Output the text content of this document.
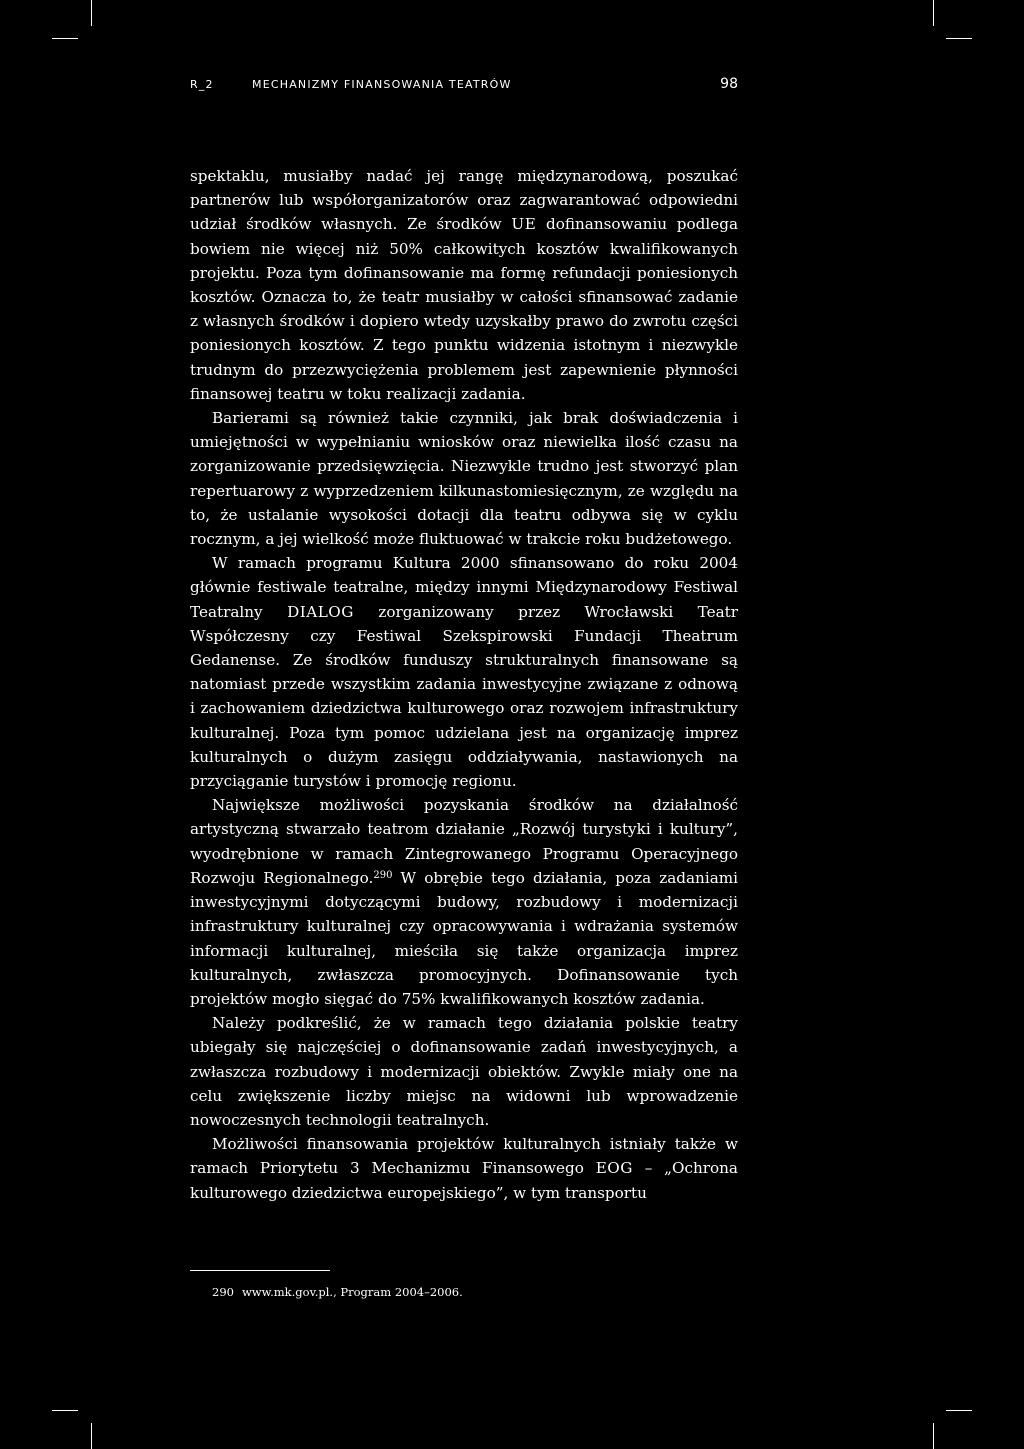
R_2	MECHANIZMY FINANSOWANIA TEATRÓW	98

spektaklu, musiałby nadać jej rangę międzynarodową, poszukać partnerów lub współorganizatorów oraz zagwarantować odpowiedni udział środków własnych. Ze środków UE dofinansowaniu podlega bowiem nie więcej niż 50% całkowitych kosztów kwalifikowanych projektu. Poza tym dofinansowanie ma formę refundacji poniesionych kosztów. Oznacza to, że teatr musiałby w całości sfinansować zadanie z własnych środków i dopiero wtedy uzyskałby prawo do zwrotu części poniesionych kosztów. Z tego punktu widzenia istotnym i niezwykle trudnym do przezwyciężenia problemem jest zapewnienie płynności finansowej teatru w toku realizacji zadania.

Barierami są również takie czynniki, jak brak doświadczenia i umiejętności w wypełnianiu wniosków oraz niewielka ilość czasu na zorganizowanie przedsięwzięcia. Niezwykle trudno jest stworzyć plan repertuarowy z wyprzedzeniem kilkunastomiesięcznym, ze względu na to, że ustalanie wysokości dotacji dla teatru odbywa się w cyklu rocznym, a jej wielkość może fluktuować w trakcie roku budżetowego.

W ramach programu Kultura 2000 sfinansowano do roku 2004 głównie festiwale teatralne, między innymi Międzynarodowy Festiwal Teatralny DIALOG zorganizowany przez Wrocławski Teatr Współczesny czy Festiwal Szekspirowski Fundacji Theatrum Gedanense. Ze środków funduszy strukturalnych finansowane są natomiast przede wszystkim zadania inwestycyjne związane z odnową i zachowaniem dziedzictwa kulturowego oraz rozwojem infrastruktury kulturalnej. Poza tym pomoc udzielana jest na organizację imprez kulturalnych o dużym zasięgu oddziaływania, nastawionych na przyciąganie turystów i promocję regionu.

Największe możliwości pozyskania środków na działalność artystyczną stwarzało teatrom działanie „Rozwój turystyki i kultury”, wyodrębnione w ramach Zintegrowanego Programu Operacyjnego Rozwoju Regionalnego.$^{290}$ W obrębie tego działania, poza zadaniami inwestycyjnymi dotyczącymi budowy, rozbudowy i modernizacji infrastruktury kulturalnej czy opracowywania i wdrażania systemów informacji kulturalnej, mieściła się także organizacja imprez kulturalnych, zwłaszcza promocyjnych. Dofinansowanie tych projektów mogło sięgać do 75% kwalifikowanych kosztów zadania.

Należy podkreślić, że w ramach tego działania polskie teatry ubiegały się najczęściej o dofinansowanie zadań inwestycyjnych, a zwłaszcza rozbudowy i modernizacji obiektów. Zwykle miały one na celu zwiększenie liczby miejsc na widowni lub wprowadzenie nowoczesnych technologii teatralnych.

Możliwości finansowania projektów kulturalnych istniały także w ramach Priorytetu 3 Mechanizmu Finansowego EOG – „Ochrona kulturowego dziedzictwa europejskiego”, w tym transportu

290 www.mk.gov.pl., Program 2004–2006.
